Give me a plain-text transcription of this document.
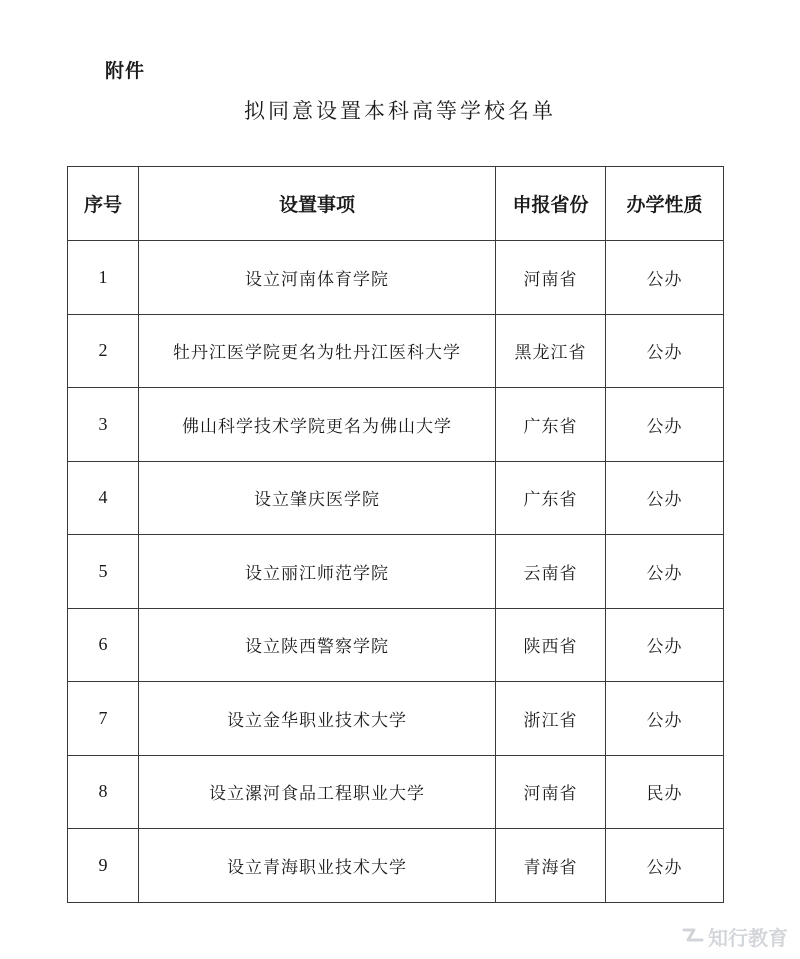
附件
拟同意设置本科高等学校名单
序号	设置事项	申报省份	办学性质
1	设立河南体育学院	河南省	公办
2	牡丹江医学院更名为牡丹江医科大学	黑龙江省	公办
3	佛山科学技术学院更名为佛山大学	广东省	公办
4	设立肇庆医学院	广东省	公办
5	设立丽江师范学院	云南省	公办
6	设立陕西警察学院	陕西省	公办
7	设立金华职业技术大学	浙江省	公办
8	设立漯河食品工程职业大学	河南省	民办
9	设立青海职业技术大学	青海省	公办
知行教育
